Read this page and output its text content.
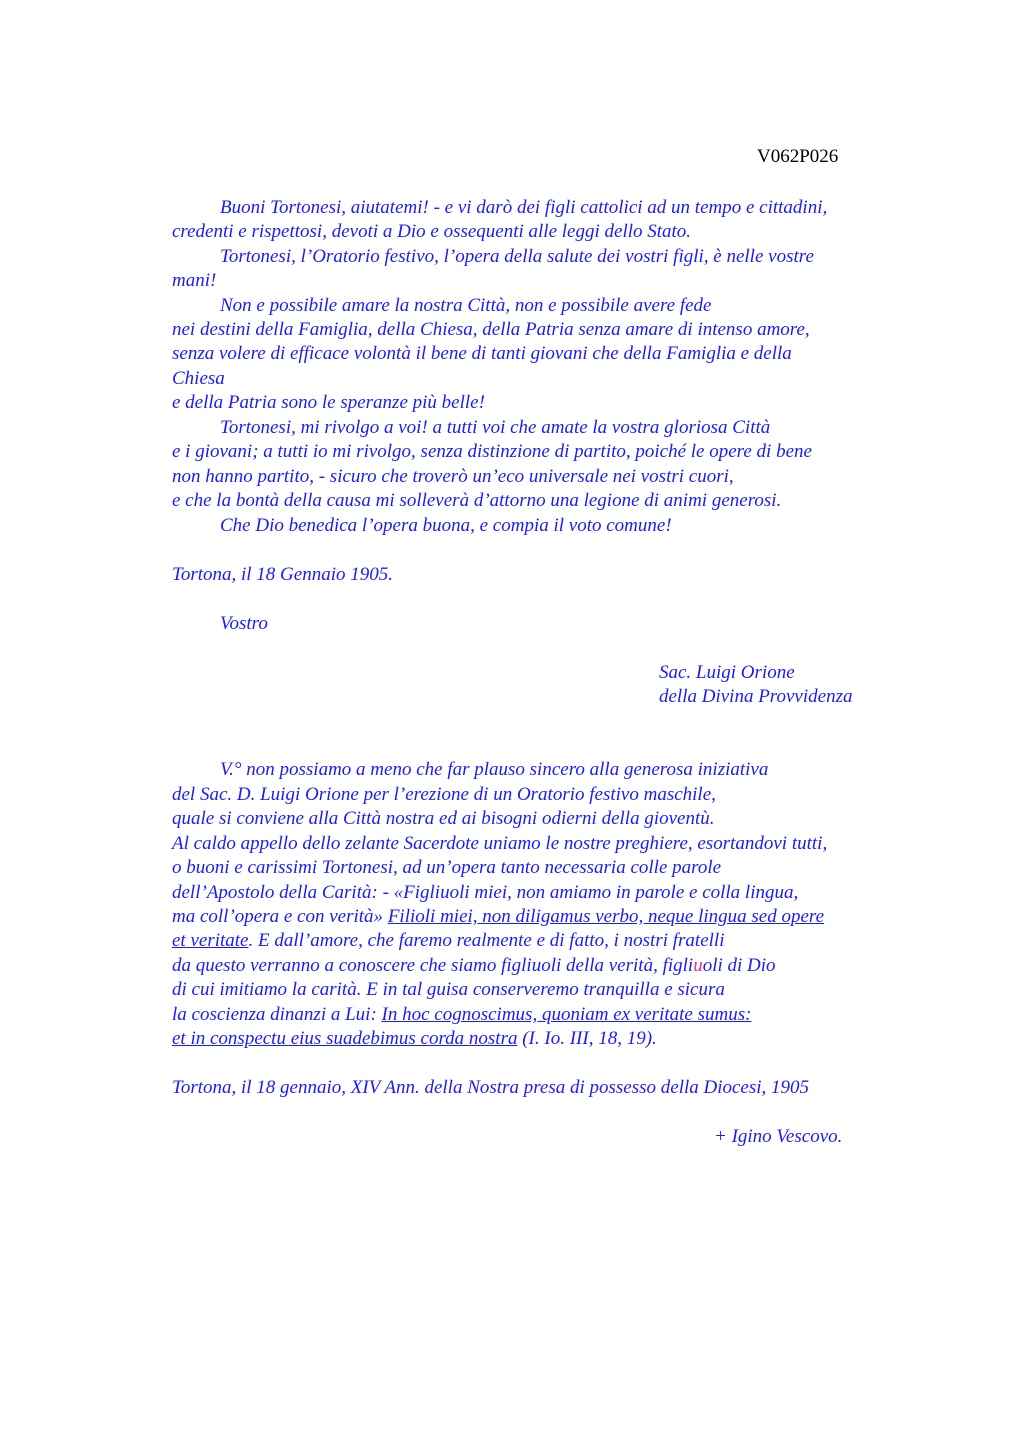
V062P026
Buoni Tortonesi, aiutatemi! - e vi darò dei figli cattolici ad un tempo e cittadini,
credenti e rispettosi, devoti a Dio e ossequenti alle leggi dello Stato.
Tortonesi, l’Oratorio festivo, l’opera della salute dei vostri figli, è nelle vostre
mani!
Non e possibile amare la nostra Città, non e possibile avere fede
nei destini della Famiglia, della Chiesa, della Patria senza amare di intenso amore,
senza volere di efficace volontà il bene di tanti giovani che della Famiglia e della
Chiesa
e della Patria sono le speranze più belle!
Tortonesi, mi rivolgo a voi! a tutti voi che amate la vostra gloriosa Città
e i giovani; a tutti io mi rivolgo, senza distinzione di partito, poiché le opere di bene
non hanno partito, - sicuro che troverò un’eco universale nei vostri cuori,
e che la bontà della causa mi solleverà d’attorno una legione di animi generosi.
Che Dio benedica l’opera buona, e compia il voto comune!
Tortona, il 18 Gennaio 1905.
Vostro
Sac. Luigi Orione
della Divina Provvidenza
V.° non possiamo a meno che far plauso sincero alla generosa iniziativa
del Sac. D. Luigi Orione per l’erezione di un Oratorio festivo maschile,
quale si conviene alla Città nostra ed ai bisogni odierni della gioventù.
Al caldo appello dello zelante Sacerdote uniamo le nostre preghiere, esortandovi tutti,
o buoni e carissimi Tortonesi, ad un’opera tanto necessaria colle parole
dell’Apostolo della Carità: - «Figliuoli miei, non amiamo in parole e colla lingua,
ma coll’opera e con verità» Filioli miei, non diligamus verbo, neque lingua sed opere
et veritate. E dall’amore, che faremo realmente e di fatto, i nostri fratelli
da questo verranno a conoscere che siamo figliuoli della verità, figliuoli di Dio
di cui imitiamo la carità. E in tal guisa conserveremo tranquilla e sicura
la coscienza dinanzi a Lui: In hoc cognoscimus, quoniam ex veritate sumus:
et in conspectu eius suadebimus corda nostra (I. Io. III, 18, 19).
Tortona, il 18 gennaio, XIV Ann. della Nostra presa di possesso della Diocesi, 1905
+ Igino Vescovo.
